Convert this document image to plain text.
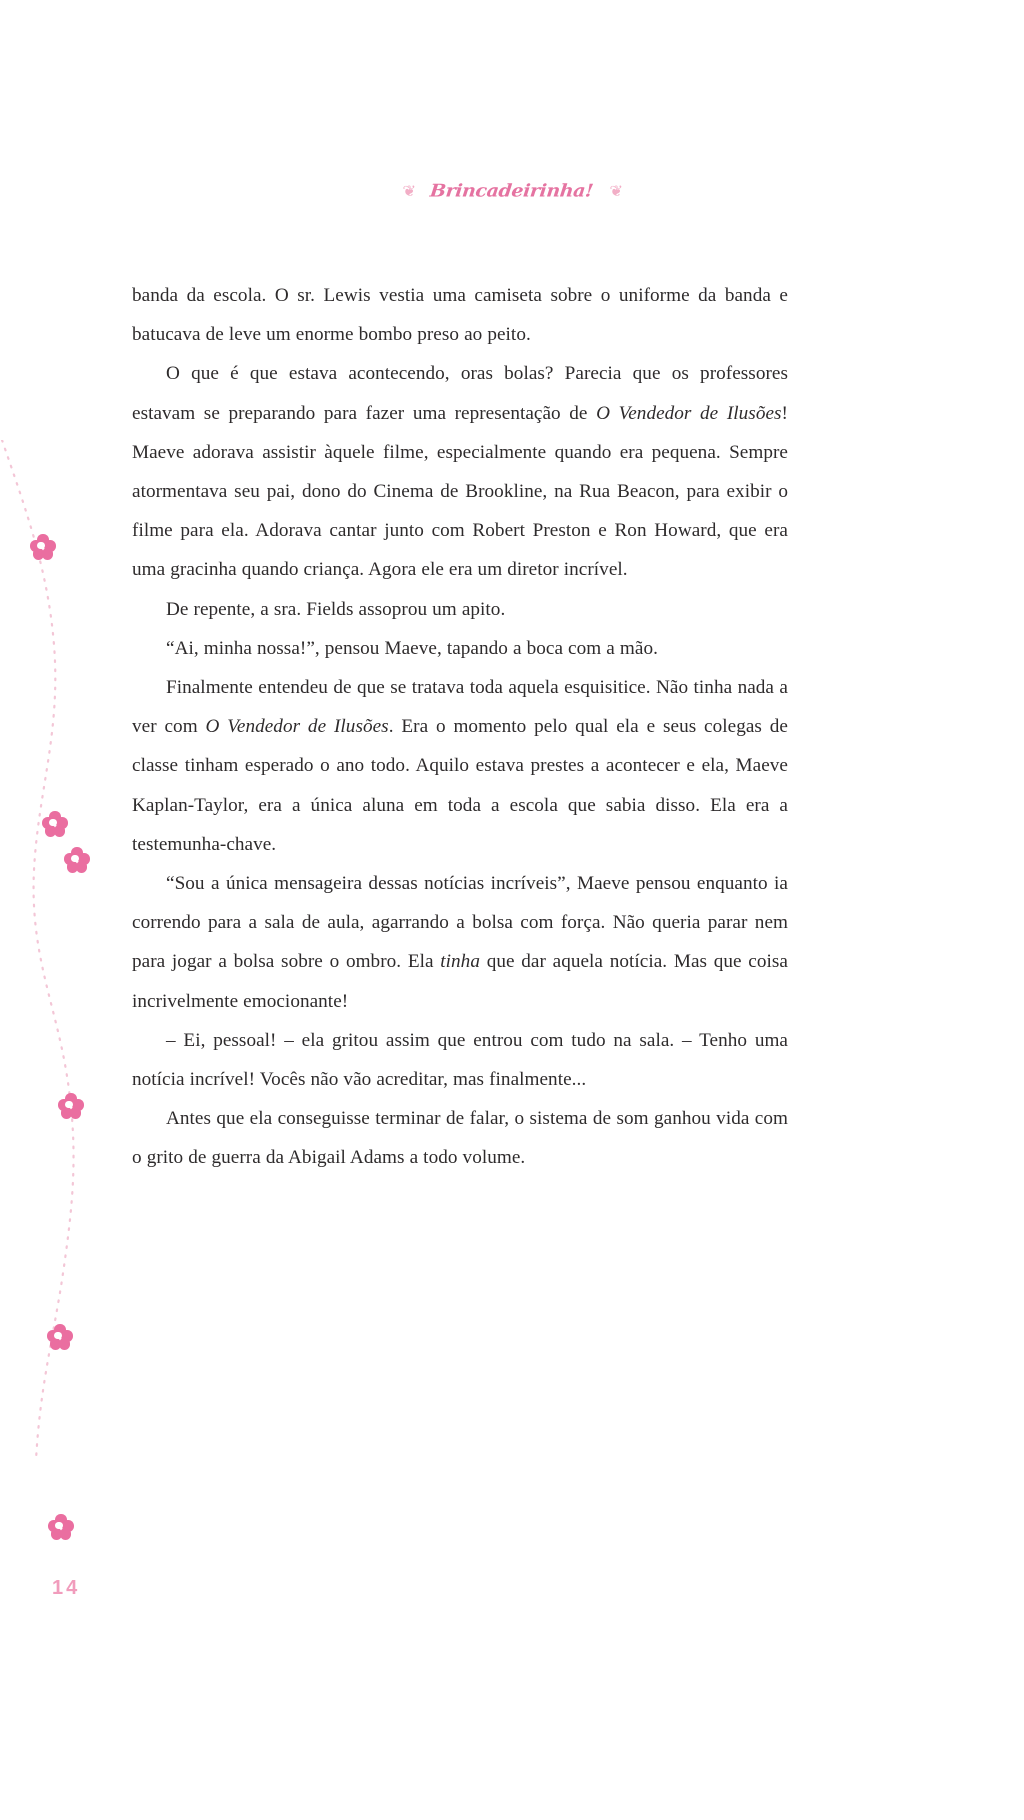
❦ Brincadeirinha! ❦

banda da escola. O sr. Lewis vestia uma camiseta sobre o uniforme da banda e batucava de leve um enorme bombo preso ao peito.

O que é que estava acontecendo, oras bolas? Parecia que os professores estavam se preparando para fazer uma representação de O Vendedor de Ilusões! Maeve adorava assistir àquele filme, especialmente quando era pequena. Sempre atormentava seu pai, dono do Cinema de Brookline, na Rua Beacon, para exibir o filme para ela. Adorava cantar junto com Robert Preston e Ron Howard, que era uma gracinha quando criança. Agora ele era um diretor incrível.

De repente, a sra. Fields assoprou um apito.

“Ai, minha nossa!”, pensou Maeve, tapando a boca com a mão.

Finalmente entendeu de que se tratava toda aquela esquisitice. Não tinha nada a ver com O Vendedor de Ilusões. Era o momento pelo qual ela e seus colegas de classe tinham esperado o ano todo. Aquilo estava prestes a acontecer e ela, Maeve Kaplan-Taylor, era a única aluna em toda a escola que sabia disso. Ela era a testemunha-chave.

“Sou a única mensageira dessas notícias incríveis”, Maeve pensou enquanto ia correndo para a sala de aula, agarrando a bolsa com força. Não queria parar nem para jogar a bolsa sobre o ombro. Ela tinha que dar aquela notícia. Mas que coisa incrivelmente emocionante!

– Ei, pessoal! – ela gritou assim que entrou com tudo na sala. – Tenho uma notícia incrível! Vocês não vão acreditar, mas finalmente...

Antes que ela conseguisse terminar de falar, o sistema de som ganhou vida com o grito de guerra da Abigail Adams a todo volume.

14
